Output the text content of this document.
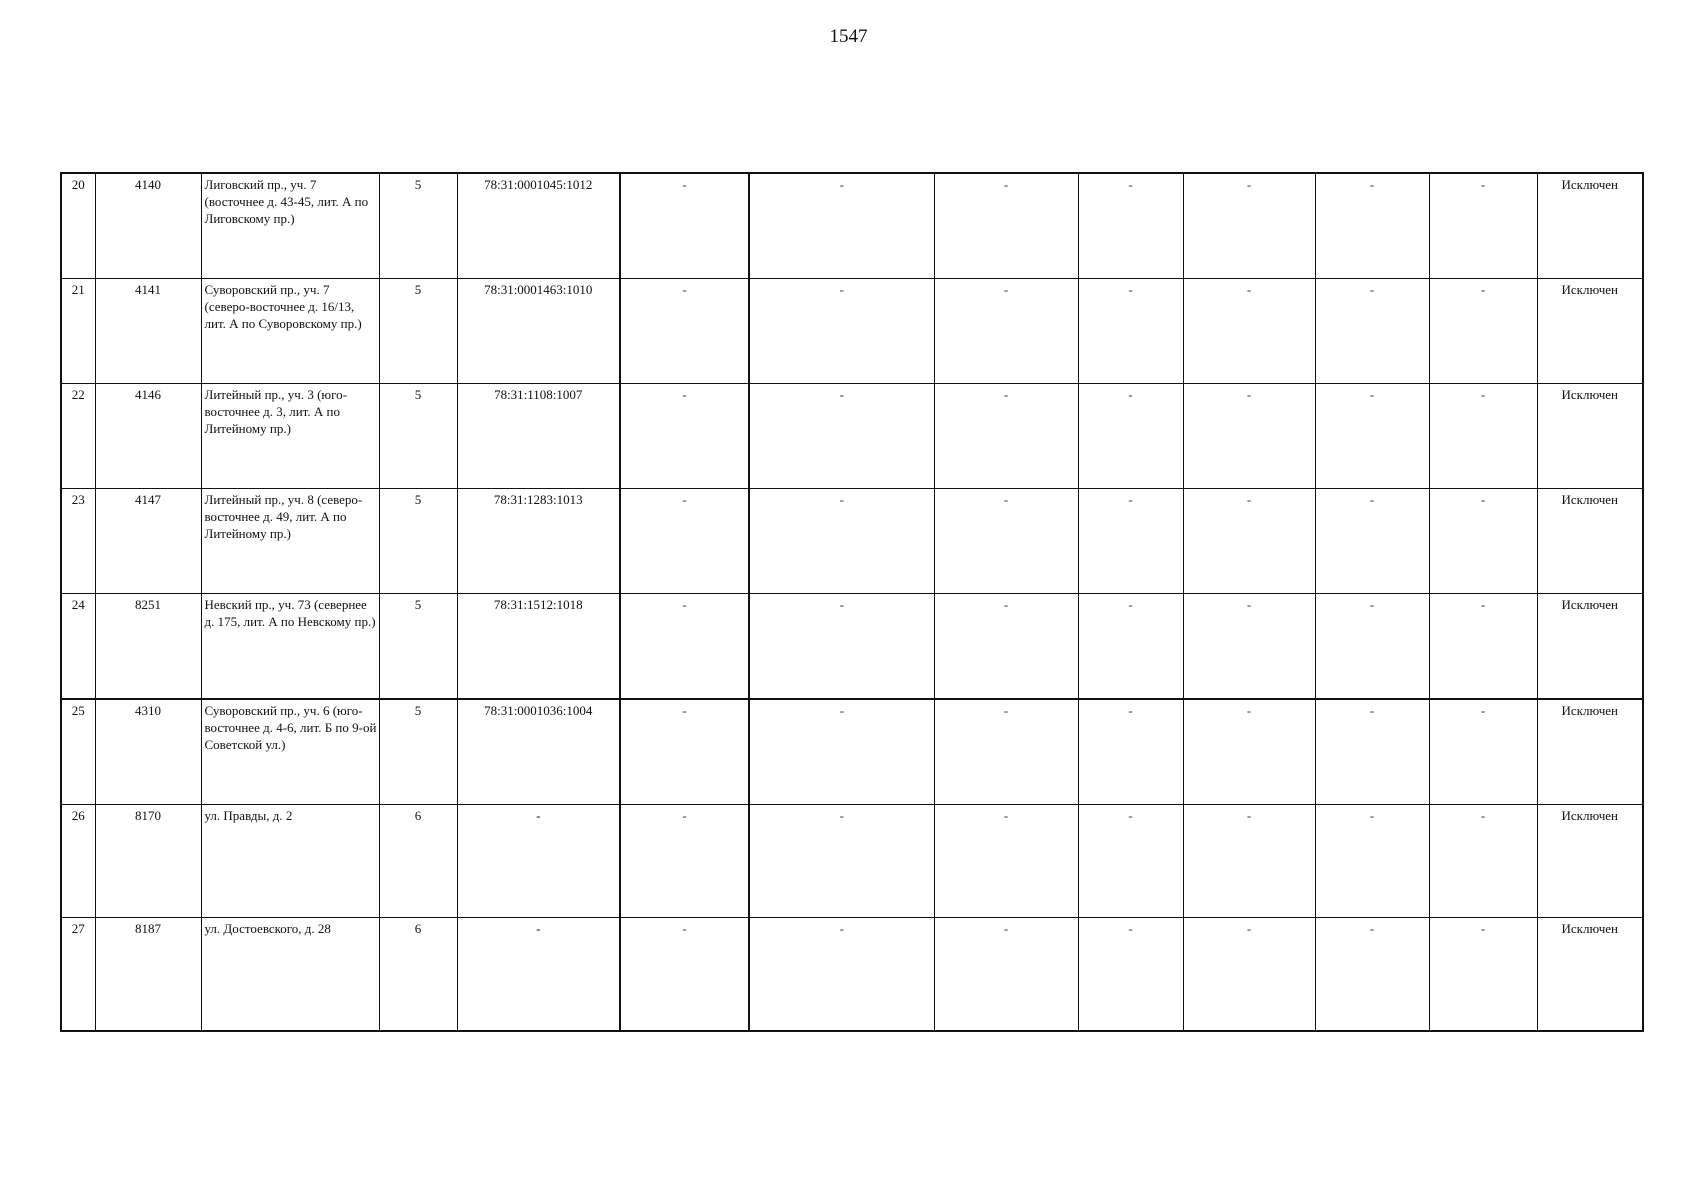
1547
20	4140	Лиговский пр., уч. 7 (восточнее д. 43-45, лит. А по Лиговскому пр.)	5	78:31:0001045:1012	-	-	-	-	-	-	-	Исключен
21	4141	Суворовский пр., уч. 7 (северо-восточнее д. 16/13, лит. А по Суворовскому пр.)	5	78:31:0001463:1010	-	-	-	-	-	-	-	Исключен
22	4146	Литейный пр., уч. 3 (юго-восточнее д. 3, лит. А по Литейному пр.)	5	78:31:1108:1007	-	-	-	-	-	-	-	Исключен
23	4147	Литейный пр., уч. 8 (северо-восточнее д. 49, лит. А по Литейному пр.)	5	78:31:1283:1013	-	-	-	-	-	-	-	Исключен
24	8251	Невский пр., уч. 73 (севернее д. 175, лит. А по Невскому пр.)	5	78:31:1512:1018	-	-	-	-	-	-	-	Исключен
25	4310	Суворовский пр., уч. 6 (юго-восточнее д. 4-6, лит. Б по 9-ой Советской ул.)	5	78:31:0001036:1004	-	-	-	-	-	-	-	Исключен
26	8170	ул. Правды, д. 2	6	-	-	-	-	-	-	-	-	Исключен
27	8187	ул. Достоевского, д. 28	6	-	-	-	-	-	-	-	-	Исключен
